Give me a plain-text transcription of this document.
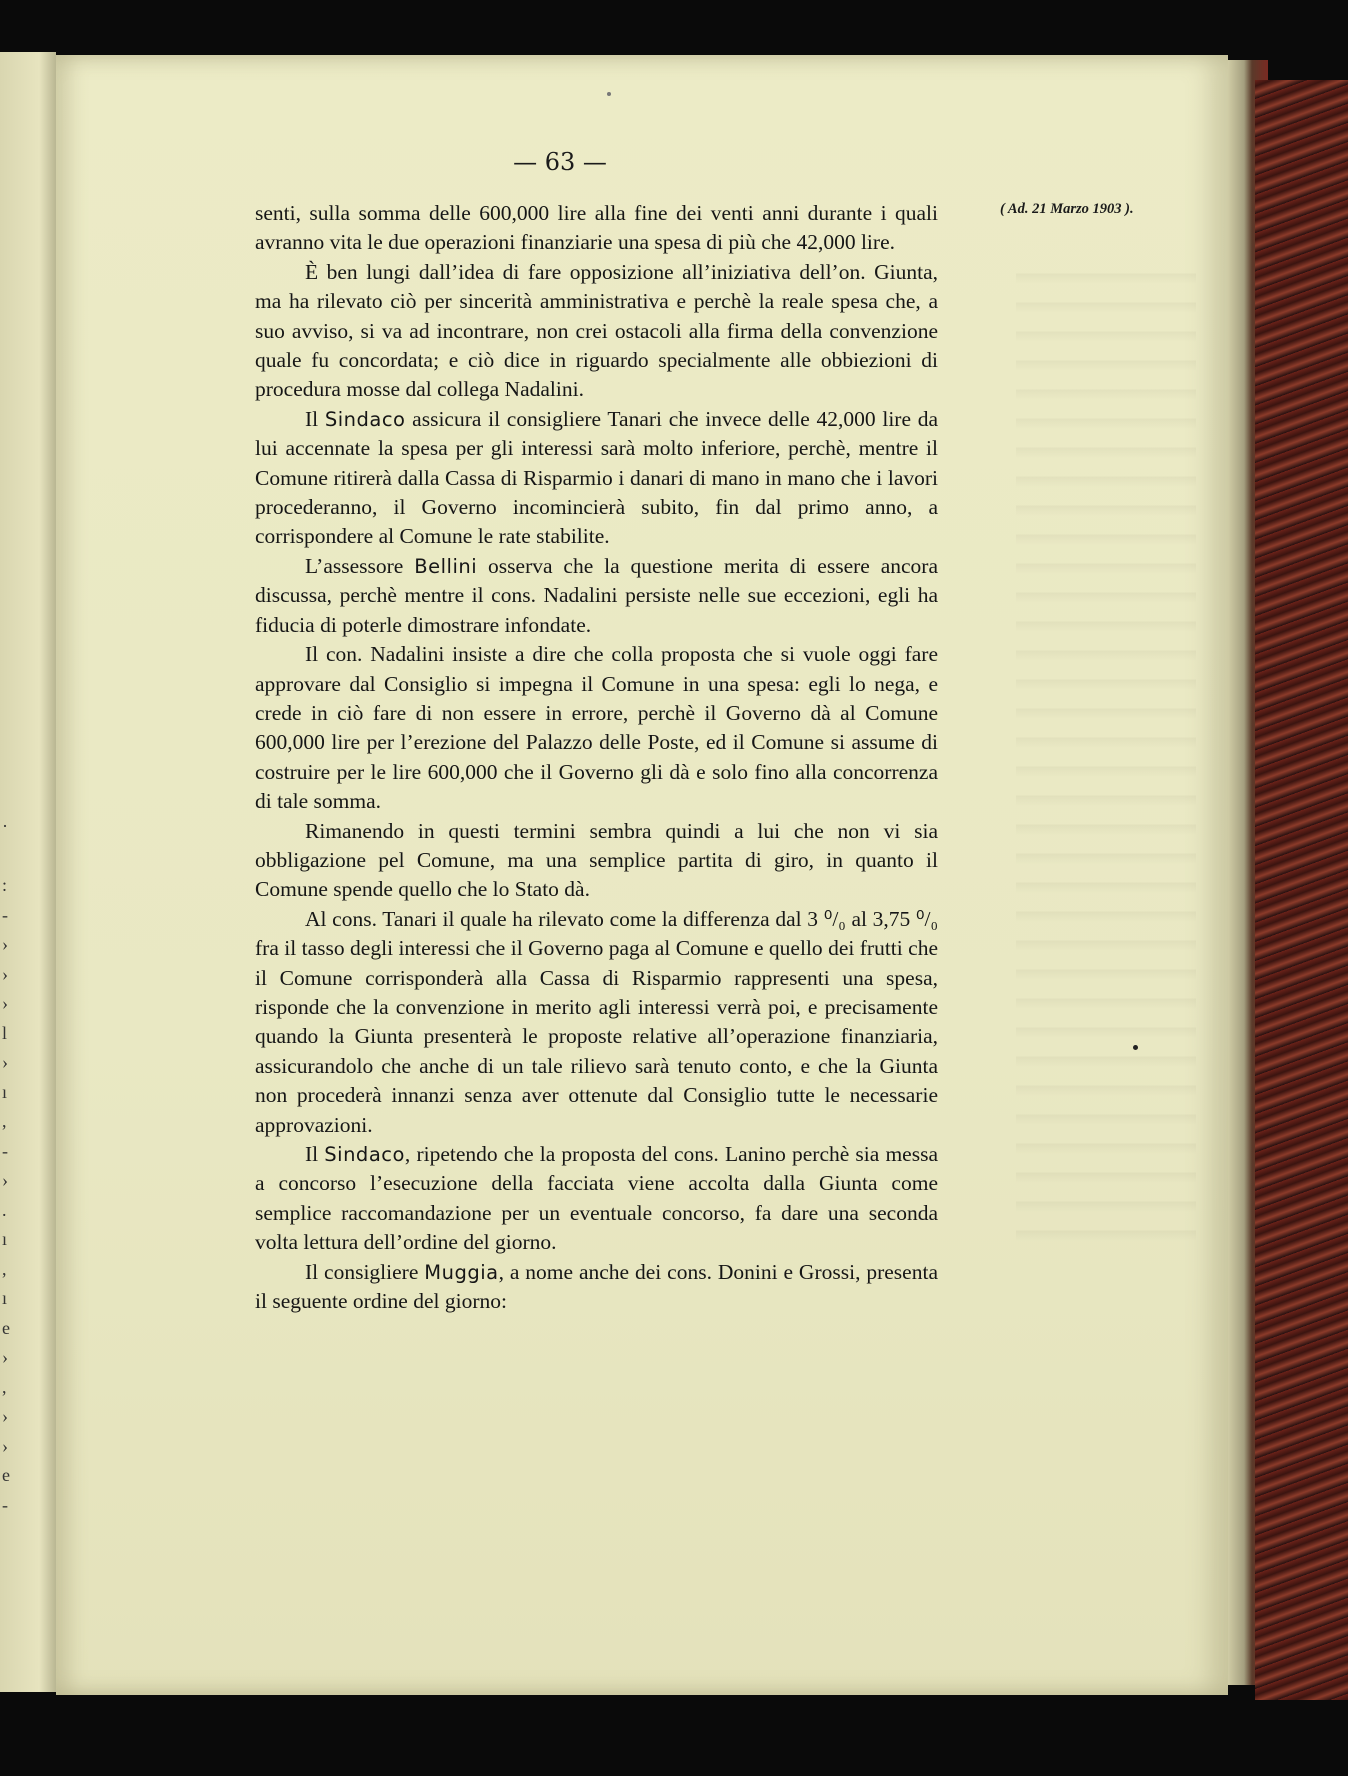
·

:
-
›
›
›
l
›
ı
,
-
›
.
ı
,
ı
e
›
,
›
›
e
-
— 63 —
( Ad. 21 Marzo 1903 ).

senti, sulla somma delle 600,000 lire alla fine dei venti anni durante i quali avranno vita le due operazioni finanziarie una spesa di più che 42,000 lire.

È ben lungi dall’idea di fare opposizione all’iniziativa dell’on. Giunta, ma ha rilevato ciò per sincerità amministrativa e perchè la reale spesa che, a suo avviso, si va ad incontrare, non crei ostacoli alla firma della convenzione quale fu concordata; e ciò dice in riguardo specialmente alle obbiezioni di procedura mosse dal collega Nadalini.

Il Sindaco assicura il consigliere Tanari che invece delle 42,000 lire da lui accennate la spesa per gli interessi sarà molto inferiore, perchè, mentre il Comune ritirerà dalla Cassa di Risparmio i danari di mano in mano che i lavori procederanno, il Governo incomincierà subito, fin dal primo anno, a corrispondere al Comune le rate stabilite.

L’assessore Bellini osserva che la questione merita di essere ancora discussa, perchè mentre il cons. Nadalini persiste nelle sue eccezioni, egli ha fiducia di poterle dimostrare infondate.

Il con. Nadalini insiste a dire che colla proposta che si vuole oggi fare approvare dal Consiglio si impegna il Comune in una spesa: egli lo nega, e crede in ciò fare di non essere in errore, perchè il Governo dà al Comune 600,000 lire per l’erezione del Palazzo delle Poste, ed il Comune si assume di costruire per le lire 600,000 che il Governo gli dà e solo fino alla concorrenza di tale somma.

Rimanendo in questi termini sembra quindi a lui che non vi sia obbligazione pel Comune, ma una semplice partita di giro, in quanto il Comune spende quello che lo Stato dà.

Al cons. Tanari il quale ha rilevato come la differenza dal 3 ⁰/₀ al 3,75 ⁰/₀ fra il tasso degli interessi che il Governo paga al Comune e quello dei frutti che il Comune corrisponderà alla Cassa di Risparmio rappresenti una spesa, risponde che la convenzione in merito agli interessi verrà poi, e precisamente quando la Giunta presenterà le proposte relative all’operazione finanziaria, assicurandolo che anche di un tale rilievo sarà tenuto conto, e che la Giunta non procederà innanzi senza aver ottenute dal Consiglio tutte le necessarie approvazioni.

Il Sindaco, ripetendo che la proposta del cons. Lanino perchè sia messa a concorso l’esecuzione della facciata viene accolta dalla Giunta come semplice raccomandazione per un eventuale concorso, fa dare una seconda volta lettura dell’ordine del giorno.

Il consigliere Muggia, a nome anche dei cons. Donini e Grossi, presenta il seguente ordine del giorno:
